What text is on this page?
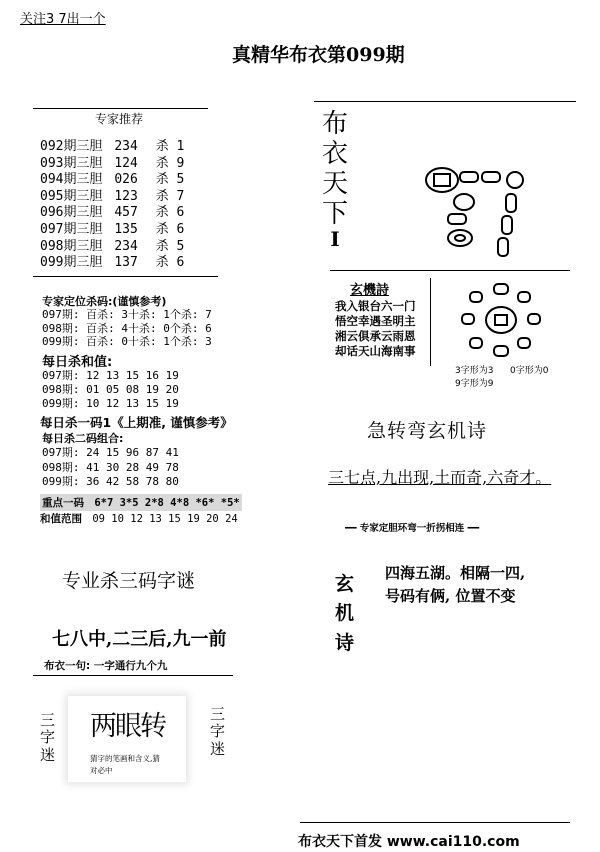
关注3 7出一个
真精华布衣第099期
专家推荐
092期三胆 234 杀 1
093期三胆 124 杀 9
094期三胆 026 杀 5
095期三胆 123 杀 7
096期三胆 457 杀 6
097期三胆 135 杀 6
098期三胆 234 杀 5
099期三胆 137 杀 6
专家定位杀码:(谨慎参考)
097期: 百杀: 3十杀: 1个杀: 7
098期: 百杀: 4十杀: 0个杀: 6
099期: 百杀: 0十杀: 1个杀: 3
每日杀和值:
097期: 12 13 15 16 19
098期: 01 05 08 19 20
099期: 10 12 13 15 19
每日杀一码1《上期准, 谨慎参考》
每日杀二码组合:
097期: 24 15 96 87 41
098期: 41 30 28 49 78
099期: 36 42 58 78 80
重点一码 6*7 3*5 2*8 4*8 *6* *5*
和值范围 09 10 12 13 15 19 20 24
专业杀三码字谜
七八中,二三后,九一前
布衣一句: 一字通行九个九
三
字
迷
三
字
迷
两眼转
猜字的笔画和含义,猜
对必中
布
衣
天
下
I
玄機詩
我入银台六一门
悟空幸遇圣明主
湘云俱承云雨恩
却话天山海南事
3字形为3 0字形为0
9字形为9
急转弯玄机诗
三七点,九出现,土而奇,六奇才。
━━ 专家定胆环弯一折拐相连 ━━
玄
机
诗
四海五湖。相隔一四,
号码有俩, 位置不变
布衣天下首发 www.cai110.com
